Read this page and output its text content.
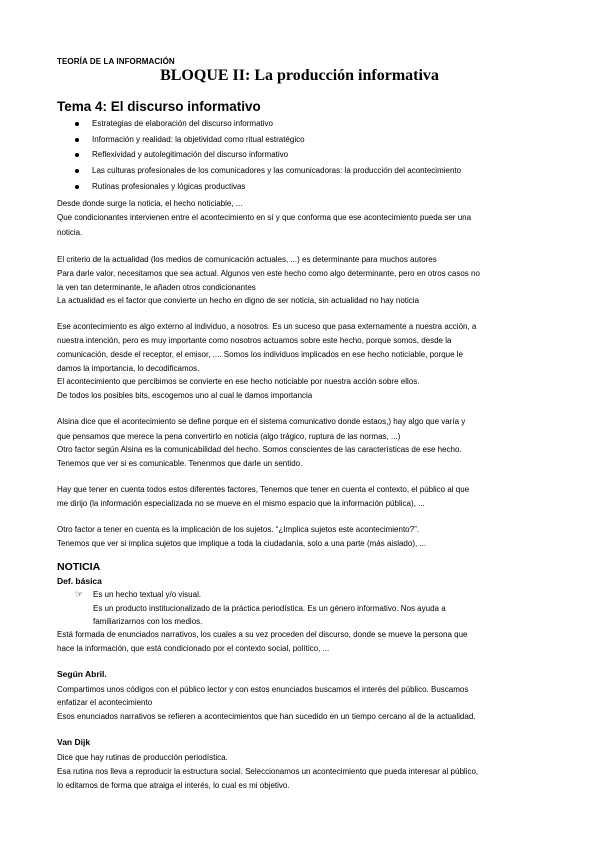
TEORÍA DE LA INFORMACIÓN
BLOQUE II: La producción informativa
Tema 4: El discurso informativo
Estrategias de elaboración del discurso informativo
Información y realidad: la objetividad como ritual estratégico
Reflexividad y autolegitimación del discurso informativo
Las culturas profesionales de los comunicadores y las comunicadoras: la producción del acontecimiento
Rutinas profesionales y lógicas productivas
Desde donde surge la noticia, el hecho noticiable, ...
Que condicionantes intervienen entre el acontecimiento en sí y que conforma que ese acontecimiento pueda ser una
noticia.
El criterio de la actualidad (los medios de comunicación actuales, ...) es determinante para muchos autores
Para darle valor, necesitamos que sea actual. Algunos ven este hecho como algo determinante, pero en otros casos no
la ven tan determinante, le añaden otros condicionantes
La actualidad es el factor que convierte un hecho en digno de ser noticia, sin actualidad no hay noticia
Ese acontecimiento es algo externo al individuo, a nosotros. Es un suceso que pasa externamente a nuestra acción, a
nuestra intención, pero es muy importante como nosotros actuamos sobre este hecho, porque somos, desde la
comunicación, desde el receptor, el emisor, .... Somos los individuos implicados en ese hecho noticiable, porque le
damos la importancia, lo decodificamos.
El acontecimiento que percibimos se convierte en ese hecho noticiable por nuestra acción sobre ellos.
De todos los posibles bits, escogemos uno al cual le damos importancia
Alsina dice que el acontecimiento se define porque en el sistema comunicativo donde estaos,) hay algo que varía y
que pensamos que merece la pena convertirlo en noticia (algo trágico, ruptura de las normas, ...)
Otro factor según Alsina es la comunicabilidad del hecho. Somos conscientes de las características de ese hecho.
Tenemos que ver si es comunicable. Tenenmos que darle un sentido.
Hay que tener en cuenta todos estos diferentes factores, Tenemos que tener en cuenta el contexto, el público al que
me dirijo (la información especializada no se mueve en el mismo espacio que la información pública), ...
Otro factor a tener en cuenta es la implicación de los sujetos. “¿Implica sujetos este acontecimiento?”.
Tenemos que ver si implica sujetos que implique a toda la ciudadanía, solo a una parte (más aislado), ...
NOTICIA
Def. básica
☞ Es un hecho textual y/o visual.
Es un producto institucionalizado de la práctica periodística. Es un género informativo. Nos ayuda a
familiarizarnos con los medios.
Está formada de enunciados narrativos, los cuales a su vez proceden del discurso, donde se mueve la persona que
hace la información, que está condicionado por el contexto social, político, ...
Según Abril.
Compartimos unos códigos con el público lector y con estos enunciados buscamos el interés del público. Buscamos
enfatizar el acontecimiento
Esos enunciados narrativos se refieren a acontecimientos que han sucedido en un tiempo cercano al de la actualidad.
Van Dijk
Dice que hay rutinas de producción periodística.
Esa rutina nos lleva a reproducir la estructura social. Seleccionamos un acontecimiento que pueda interesar al público,
lo editamos de forma que atraiga el interés, lo cual es mi objetivo.
